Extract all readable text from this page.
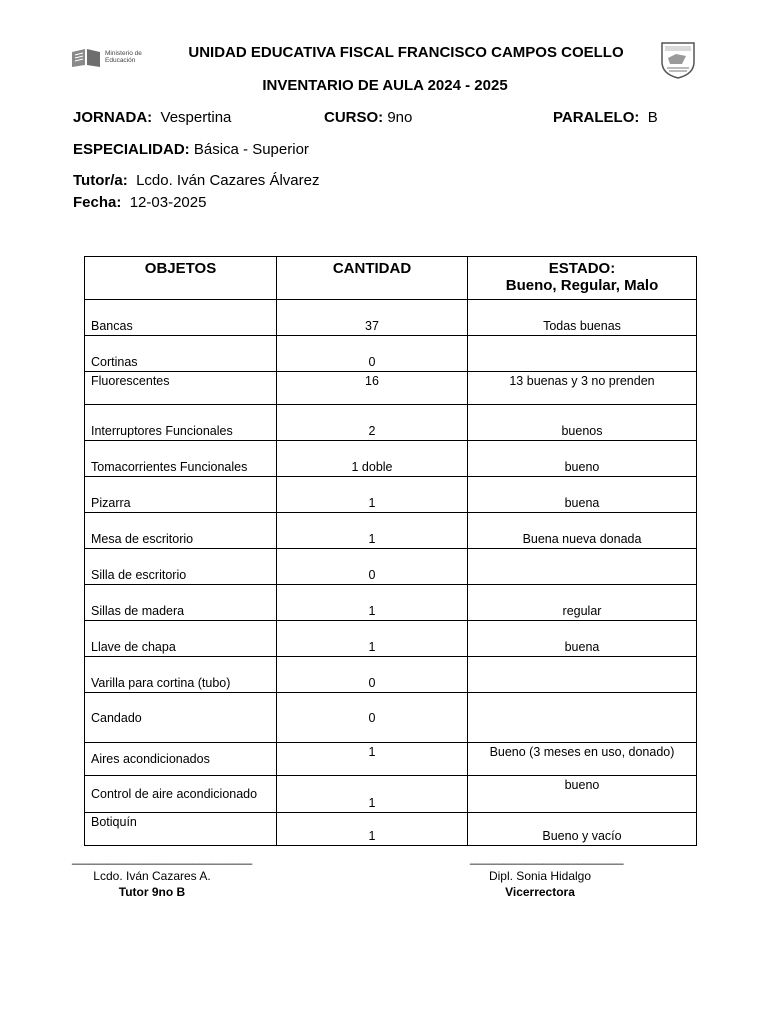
Ministerio de Educación	UNIDAD EDUCATIVA FISCAL FRANCISCO CAMPOS COELLO
INVENTARIO DE AULA 2024 - 2025
JORNADA: Vespertina	CURSO: 9no	PARALELO: B
ESPECIALIDAD: Básica - Superior
Tutor/a: Lcdo. Iván Cazares Álvarez
Fecha: 12-03-2025
OBJETOS	CANTIDAD	ESTADO:
Bueno, Regular, Malo
Bancas	37	Todas buenas
Cortinas	0	
Fluorescentes	16	13 buenas y 3 no prenden
Interruptores Funcionales	2	buenos
Tomacorrientes Funcionales	1 doble	bueno
Pizarra	1	buena
Mesa de escritorio	1	Buena nueva donada
Silla de escritorio	0	
Sillas de madera	1	regular
Llave de chapa	1	buena
Varilla para cortina (tubo)	0	
Candado	0	
Aires acondicionados	1	Bueno (3 meses en uso, donado)
Control de aire acondicionado	1	bueno
Botiquín	1	Bueno y vacío
___________________________
Lcdo. Iván Cazares A.
Tutor 9no B
_______________________
Dipl. Sonia Hidalgo
Vicerrectora
